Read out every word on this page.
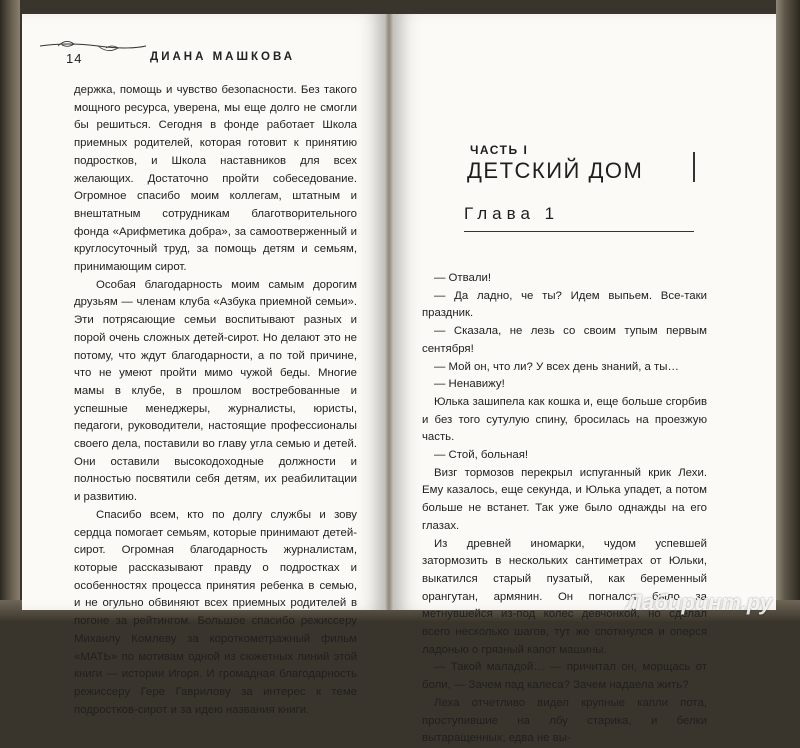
14	ДИАНА МАШКОВА

держка, помощь и чувство безопасности. Без такого мощного ресурса, уверена, мы еще долго не смогли бы решиться. Сегодня в фонде работает Школа приемных родителей, которая готовит к принятию подростков, и Школа наставников для всех желающих. Достаточно пройти собеседование. Огромное спасибо моим коллегам, штатным и внештатным сотрудникам благотворительного фонда «Арифметика добра», за самоотверженный и круглосуточный труд, за помощь детям и семьям, принимающим сирот.

Особая благодарность моим самым дорогим друзьям — членам клуба «Азбука приемной семьи». Эти потрясающие семьи воспитывают разных и порой очень сложных детей-сирот. Но делают это не потому, что ждут благодарности, а по той причине, что не умеют пройти мимо чужой беды. Многие мамы в клубе, в прошлом востребованные и успешные менеджеры, журналисты, юристы, педагоги, руководители, настоящие профессионалы своего дела, поставили во главу угла семью и детей. Они оставили высокодоходные должности и полностью посвятили себя детям, их реабилитации и развитию.

Спасибо всем, кто по долгу службы и зову сердца помогает семьям, которые принимают детей-сирот. Огромная благодарность журналистам, которые рассказывают правду о подростках и особенностях процесса принятия ребенка в семью, и не огульно обвиняют всех приемных родителей в погоне за рейтингом. Большое спасибо режиссеру Михаилу Комлеву за короткометражный фильм «МАТЬ» по мотивам одной из сюжетных линий этой книги — истории Игоря. И громадная благодарность режиссеру Гере Гаврилову за интерес к теме подростков-сирот и за идею названия книги.

ЧАСТЬ I
ДЕТСКИЙ ДОМ
Глава 1

— Отвали!

— Да ладно, че ты? Идем выпьем. Все-таки праздник.

— Сказала, не лезь со своим тупым первым сентября!

— Мой он, что ли? У всех день знаний, а ты…

— Ненавижу!

Юлька зашипела как кошка и, еще больше сгорбив и без того сутулую спину, бросилась на проезжую часть.

— Стой, больная!

Визг тормозов перекрыл испуганный крик Лехи. Ему казалось, еще секунда, и Юлька упадет, а потом больше не встанет. Так уже было однажды на его глазах.

Из древней иномарки, чудом успевшей затормозить в нескольких сантиметрах от Юльки, выкатился старый пузатый, как беременный орангутан, армянин. Он погнался было за метнувшейся из-под колес девчонкой, но сделал всего несколько шагов, тут же споткнулся и оперся ладонью о грязный капот машины.

— Такой маладой… — причитал он, морщась от боли, — Зачем пад калеса? Зачем надаела жить?

Леха отчетливо видел крупные капли пота, проступившие на лбу старика, и белки вытаращенных, едва не вы-

Лабиринт.ру
